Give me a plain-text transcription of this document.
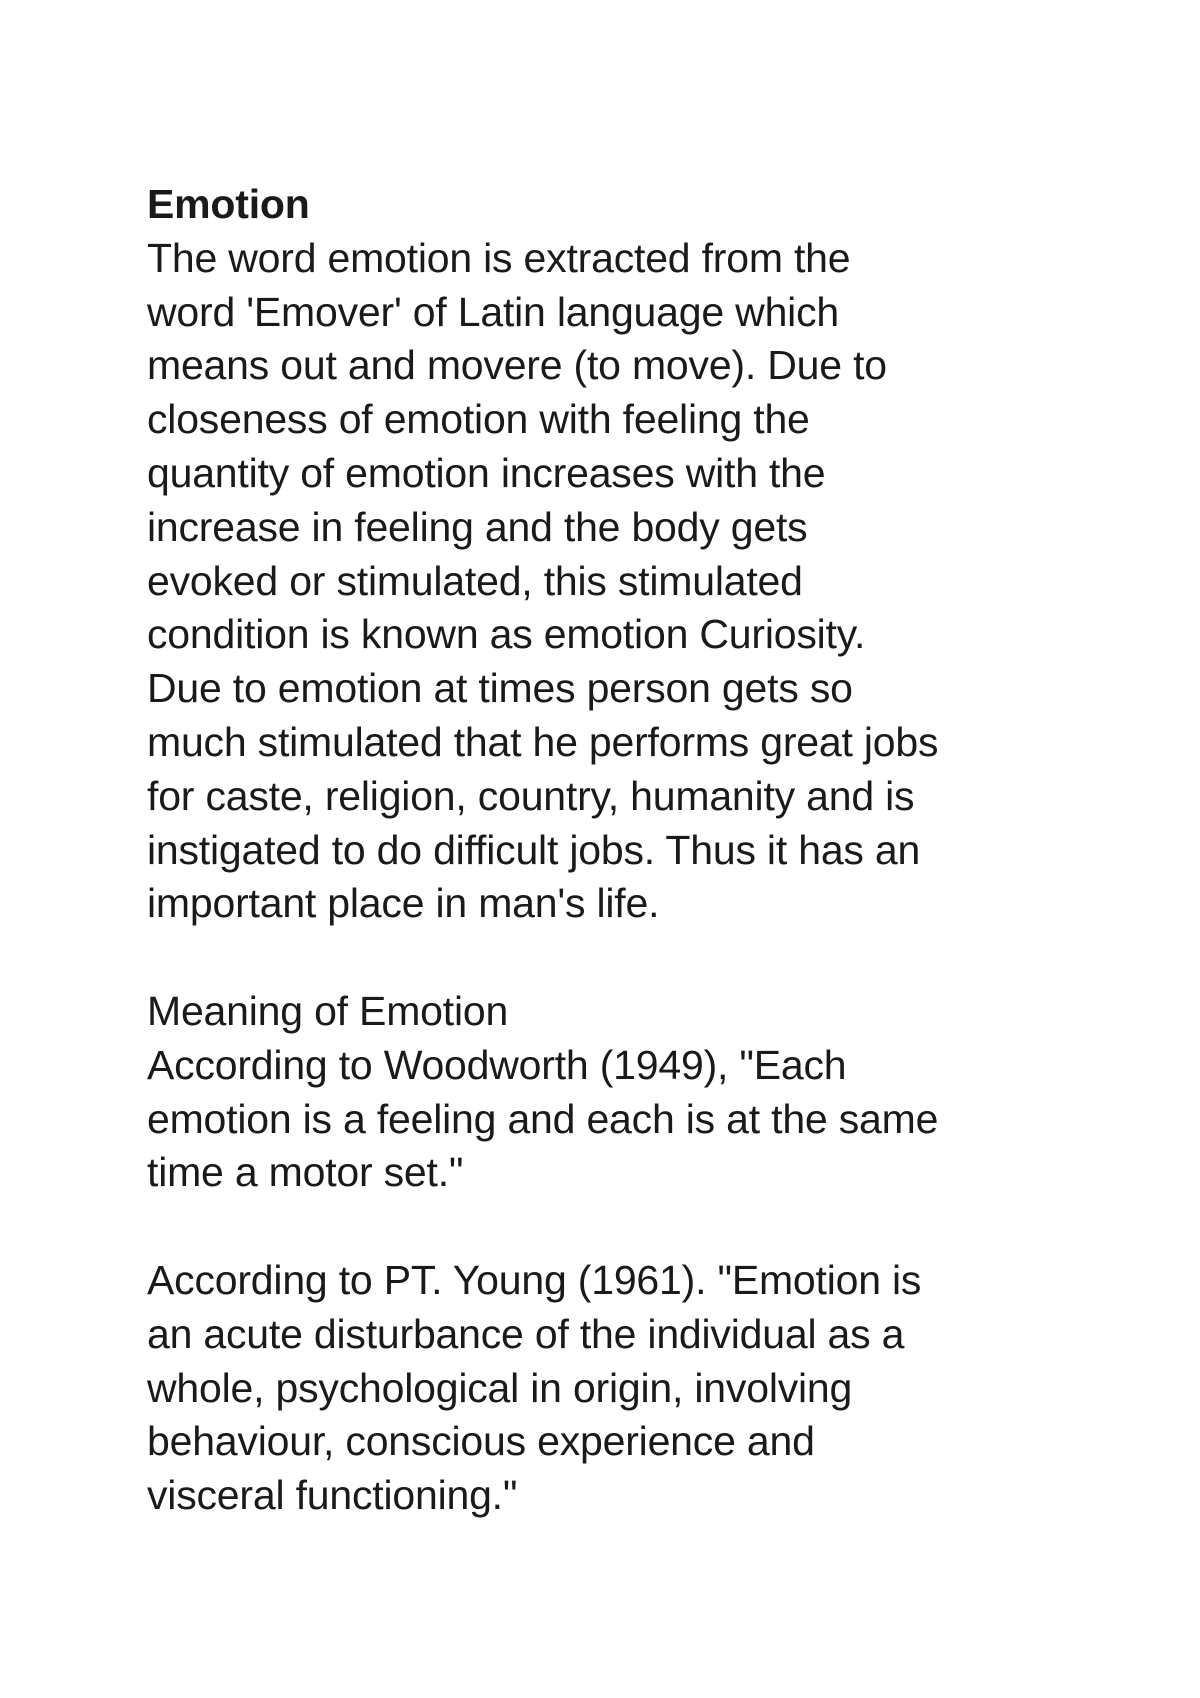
Emotion
The word emotion is extracted from the
word 'Emover' of Latin language which
means out and movere (to move). Due to
closeness of emotion with feeling the
quantity of emotion increases with the
increase in feeling and the body gets
evoked or stimulated, this stimulated
condition is known as emotion Curiosity.
Due to emotion at times person gets so
much stimulated that he performs great jobs
for caste, religion, country, humanity and is
instigated to do difficult jobs. Thus it has an
important place in man's life.
Meaning of Emotion
According to Woodworth (1949), "Each
emotion is a feeling and each is at the same
time a motor set."
According to PT. Young (1961). "Emotion is
an acute disturbance of the individual as a
whole, psychological in origin, involving
behaviour, conscious experience and
visceral functioning."
